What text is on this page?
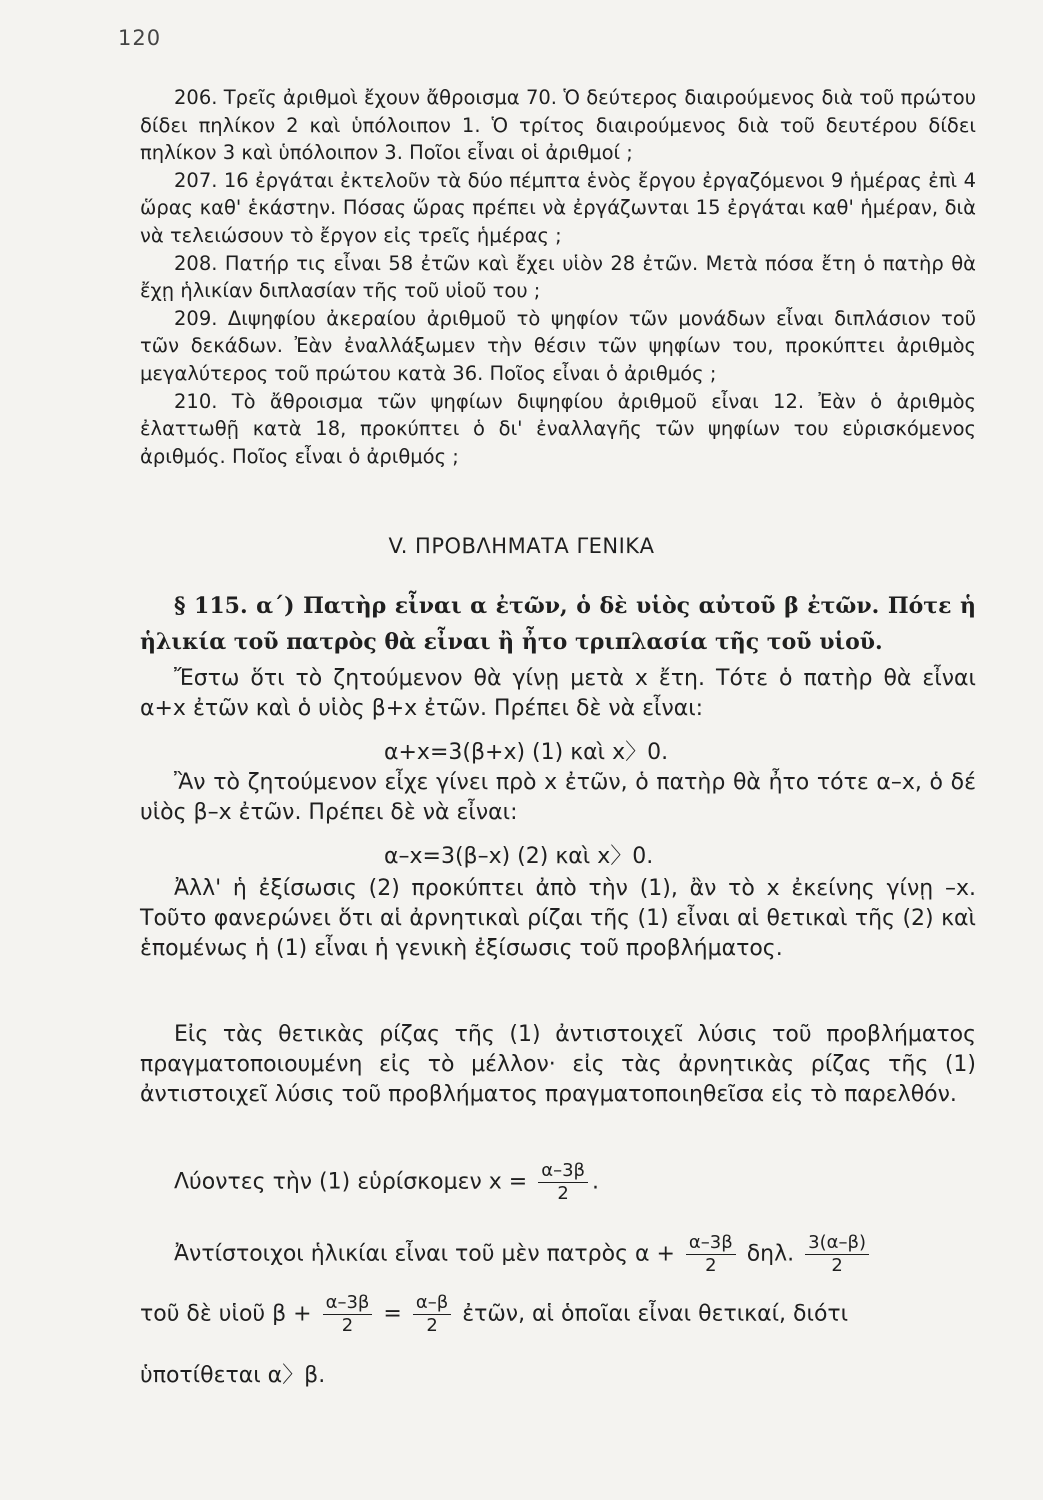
120

206. Τρεῖς ἀριθμοὶ ἔχουν ἄθροισμα 70. Ὁ δεύτερος διαιρούμενος διὰ τοῦ πρώτου δίδει πηλίκον 2 καὶ ὑπόλοιπον 1. Ὁ τρίτος διαιρούμενος διὰ τοῦ δευτέρου δίδει πηλίκον 3 καὶ ὑπόλοιπον 3. Ποῖοι εἶναι οἱ ἀριθμοί ;

207. 16 ἐργάται ἐκτελοῦν τὰ δύο πέμπτα ἑνὸς ἔργου ἐργαζόμενοι 9 ἡμέρας ἐπὶ 4 ὥρας καθ' ἑκάστην. Πόσας ὥρας πρέπει νὰ ἐργάζωνται 15 ἐργάται καθ' ἡμέραν, διὰ νὰ τελειώσουν τὸ ἔργον εἰς τρεῖς ἡμέρας ;

208. Πατήρ τις εἶναι 58 ἐτῶν καὶ ἔχει υἱὸν 28 ἐτῶν. Μετὰ πόσα ἔτη ὁ πατὴρ θὰ ἔχῃ ἡλικίαν διπλασίαν τῆς τοῦ υἱοῦ του ;

209. Διψηφίου ἀκεραίου ἀριθμοῦ τὸ ψηφίον τῶν μονάδων εἶναι διπλάσιον τοῦ τῶν δεκάδων. Ἐὰν ἐναλλάξωμεν τὴν θέσιν τῶν ψηφίων του, προκύπτει ἀριθμὸς μεγαλύτερος τοῦ πρώτου κατὰ 36. Ποῖος εἶναι ὁ ἀριθμός ;

210. Τὸ ἄθροισμα τῶν ψηφίων διψηφίου ἀριθμοῦ εἶναι 12. Ἐὰν ὁ ἀριθμὸς ἐλαττωθῇ κατὰ 18, προκύπτει ὁ δι' ἐναλλαγῆς τῶν ψηφίων του εὑρισκόμενος ἀριθμός. Ποῖος εἶναι ὁ ἀριθμός ;

V. ΠΡΟΒΛΗΜΑΤΑ ΓΕΝΙΚΑ
§ 115. α΄) Πατὴρ εἶναι α ἐτῶν, ὁ δὲ υἱὸς αὐτοῦ β ἐτῶν. Πότε ἡ ἡλικία τοῦ πατρὸς θὰ εἶναι ἢ ἦτο τριπλασία τῆς τοῦ υἱοῦ.

Ἔστω ὅτι τὸ ζητούμενον θὰ γίνῃ μετὰ x ἔτη. Τότε ὁ πατὴρ θὰ εἶναι α+x ἐτῶν καὶ ὁ υἱὸς β+x ἐτῶν. Πρέπει δὲ νὰ εἶναι:

α+x=3(β+x) (1) καὶ x〉0.

Ἂν τὸ ζητούμενον εἶχε γίνει πρὸ x ἐτῶν, ὁ πατὴρ θὰ ἦτο τότε α–x, ὁ δέ υἱὸς β–x ἐτῶν. Πρέπει δὲ νὰ εἶναι:

α–x=3(β–x) (2) καὶ x〉0.

Ἀλλ' ἡ ἐξίσωσις (2) προκύπτει ἀπὸ τὴν (1), ἂν τὸ x ἐκείνης γίνῃ –x. Τοῦτο φανερώνει ὅτι αἱ ἀρνητικαὶ ρίζαι τῆς (1) εἶναι αἱ θετικαὶ τῆς (2) καὶ ἑπομένως ἡ (1) εἶναι ἡ γενικὴ ἐξίσωσις τοῦ προβλήματος.

Εἰς τὰς θετικὰς ρίζας τῆς (1) ἀντιστοιχεῖ λύσις τοῦ προβλήματος πραγματοποιουμένη εἰς τὸ μέλλον· εἰς τὰς ἀρνητικὰς ρίζας τῆς (1) ἀντιστοιχεῖ λύσις τοῦ προβλήματος πραγματοποιηθεῖσα εἰς τὸ παρελθόν.

Λύοντες τὴν (1) εὑρίσκομεν $x = \frac{\alpha-3\beta}{2}$ .
Ἀντίστοιχοι ἡλικίαι εἶναι τοῦ μὲν πατρὸς $\alpha + \frac{\alpha-3\beta}{2} \delta\eta\lambda$. $\frac{3(\alpha-\beta)}{2}$
τοῦ δὲ υἱοῦ $\beta + \frac{\alpha-3\beta}{2} = \frac{\alpha-\beta}{2}$ ἐτῶν, αἱ ὁποῖαι εἶναι θετικαί, διότι
ὑποτίθεται α〉β.
